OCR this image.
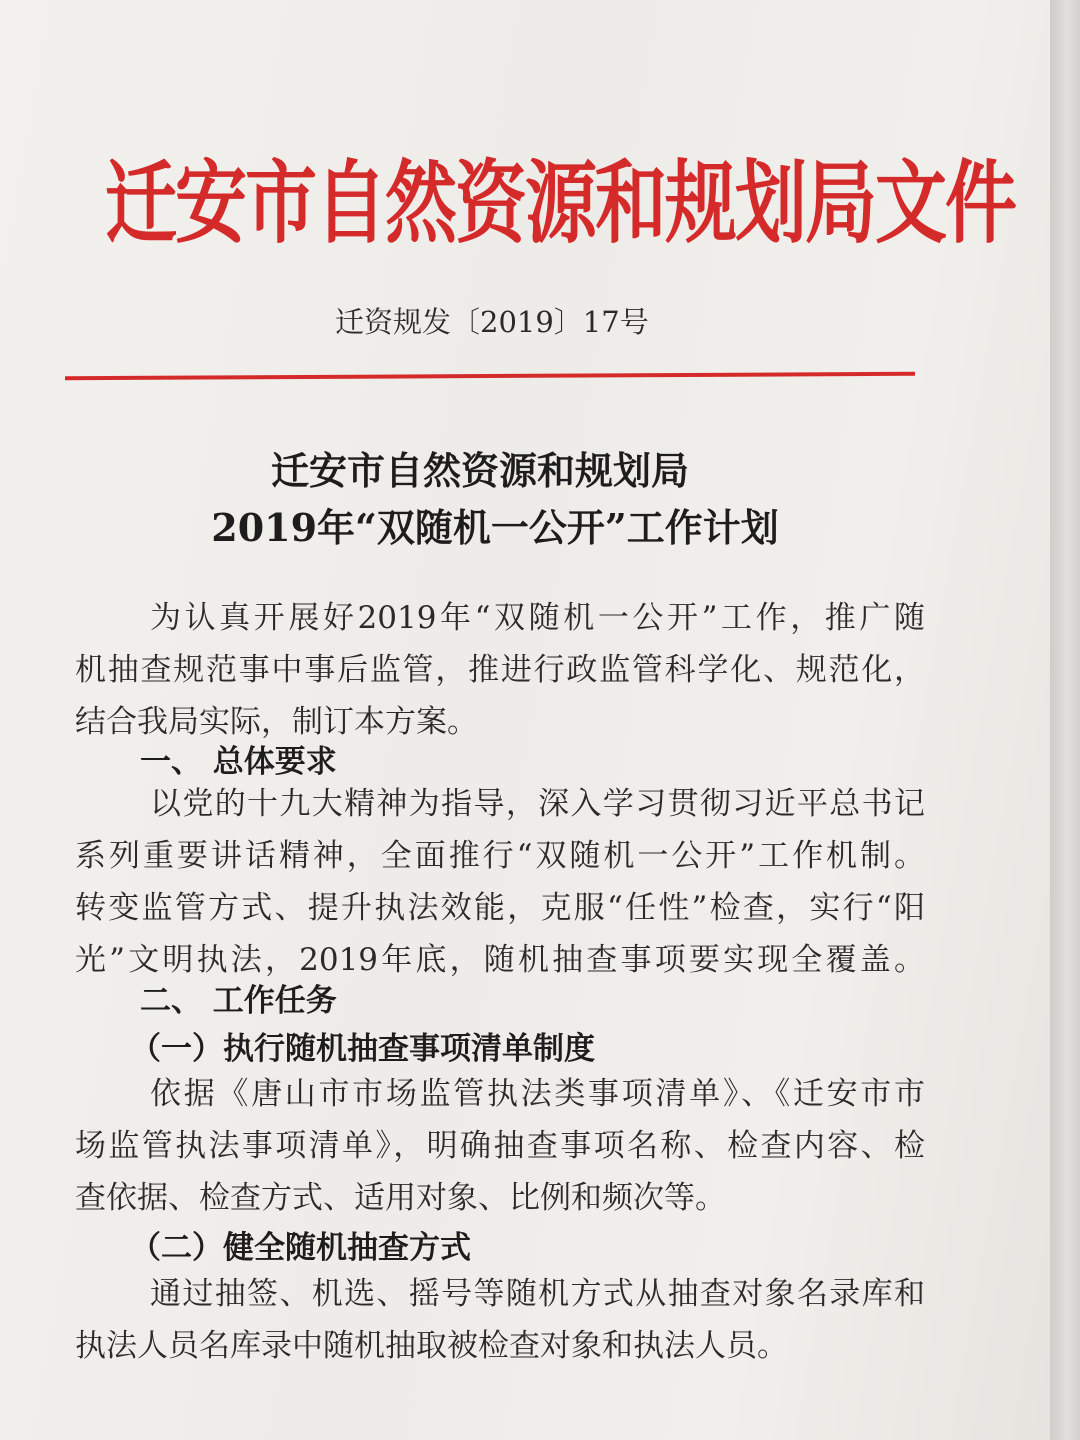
迁安市自然资源和规划局文件
迁资规发〔2019〕17号
迁安市自然资源和规划局
2019年“双随机一公开”工作计划
为认真开展好2019年“双随机一公开”工作，推广随
机抽查规范事中事后监管，推进行政监管科学化、规范化，
结合我局实际，制订本方案。
一、 总体要求
以党的十九大精神为指导，深入学习贯彻习近平总书记
系列重要讲话精神，全面推行“双随机一公开”工作机制。
转变监管方式、提升执法效能，克服“任性”检查，实行“阳
光”文明执法，2019年底，随机抽查事项要实现全覆盖。
二、 工作任务
（一）执行随机抽查事项清单制度
依据《唐山市市场监管执法类事项清单》、《迁安市市
场监管执法事项清单》，明确抽查事项名称、检查内容、检
查依据、检查方式、适用对象、比例和频次等。
（二）健全随机抽查方式
通过抽签、机选、摇号等随机方式从抽查对象名录库和
执法人员名库录中随机抽取被检查对象和执法人员。
